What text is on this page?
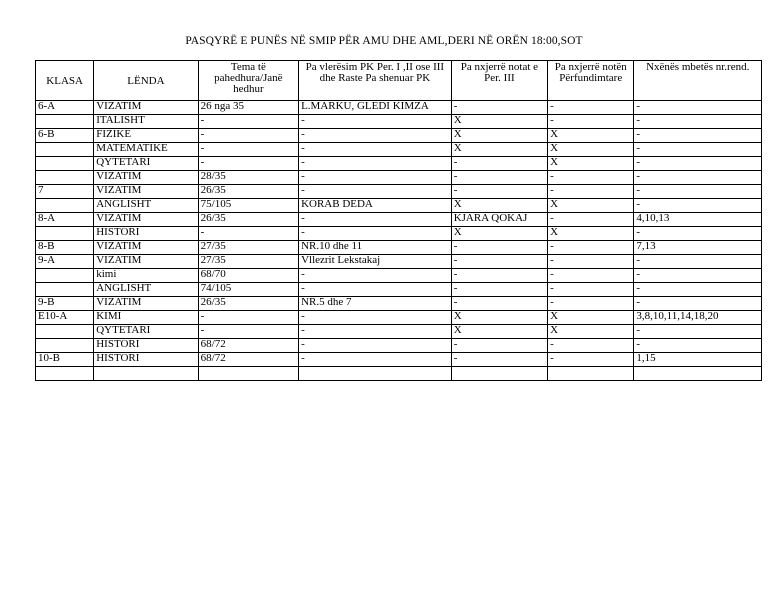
PASQYRË E PUNËS NË SMIP PËR AMU DHE AML,DERI NË ORËN 18:00,SOT
KLASA	LËNDA	Tema të pahedhura/Janë hedhur	Pa vlerësim PK Per. I ,II ose III dhe Raste Pa shenuar PK	Pa nxjerrë notat e Per. III	Pa nxjerrë notën Përfundimtare	Nxënës mbetës nr.rend.
6-A	VIZATIM	26 nga 35	L.MARKU, GLEDI KIMZA	-	-	-
	ITALISHT	-	-	X	-	-
6-B	FIZIKE	-	-	X	X	-
	MATEMATIKE	-	-	X	X	-
	QYTETARI	-	-	-	X	-
	VIZATIM	28/35	-	-	-	-
7	VIZATIM	26/35	-	-	-	-
	ANGLISHT	75/105	KORAB DEDA	X	X	-
8-A	VIZATIM	26/35	-	KJARA QOKAJ	-	4,10,13
	HISTORI	-	-	X	X	-
8-B	VIZATIM	27/35	NR.10 dhe 11	-	-	7,13
9-A	VIZATIM	27/35	Vllezrit Lekstakaj	-	-	-
	kimi	68/70	-	-	-	-
	ANGLISHT	74/105	-	-	-	-
9-B	VIZATIM	26/35	NR.5 dhe 7	-	-	-
E10-A	KIMI	-	-	X	X	3,8,10,11,14,18,20
	QYTETARI	-	-	X	X	-
	HISTORI	68/72	-	-	-	-
10-B	HISTORI	68/72	-	-	-	1,15
